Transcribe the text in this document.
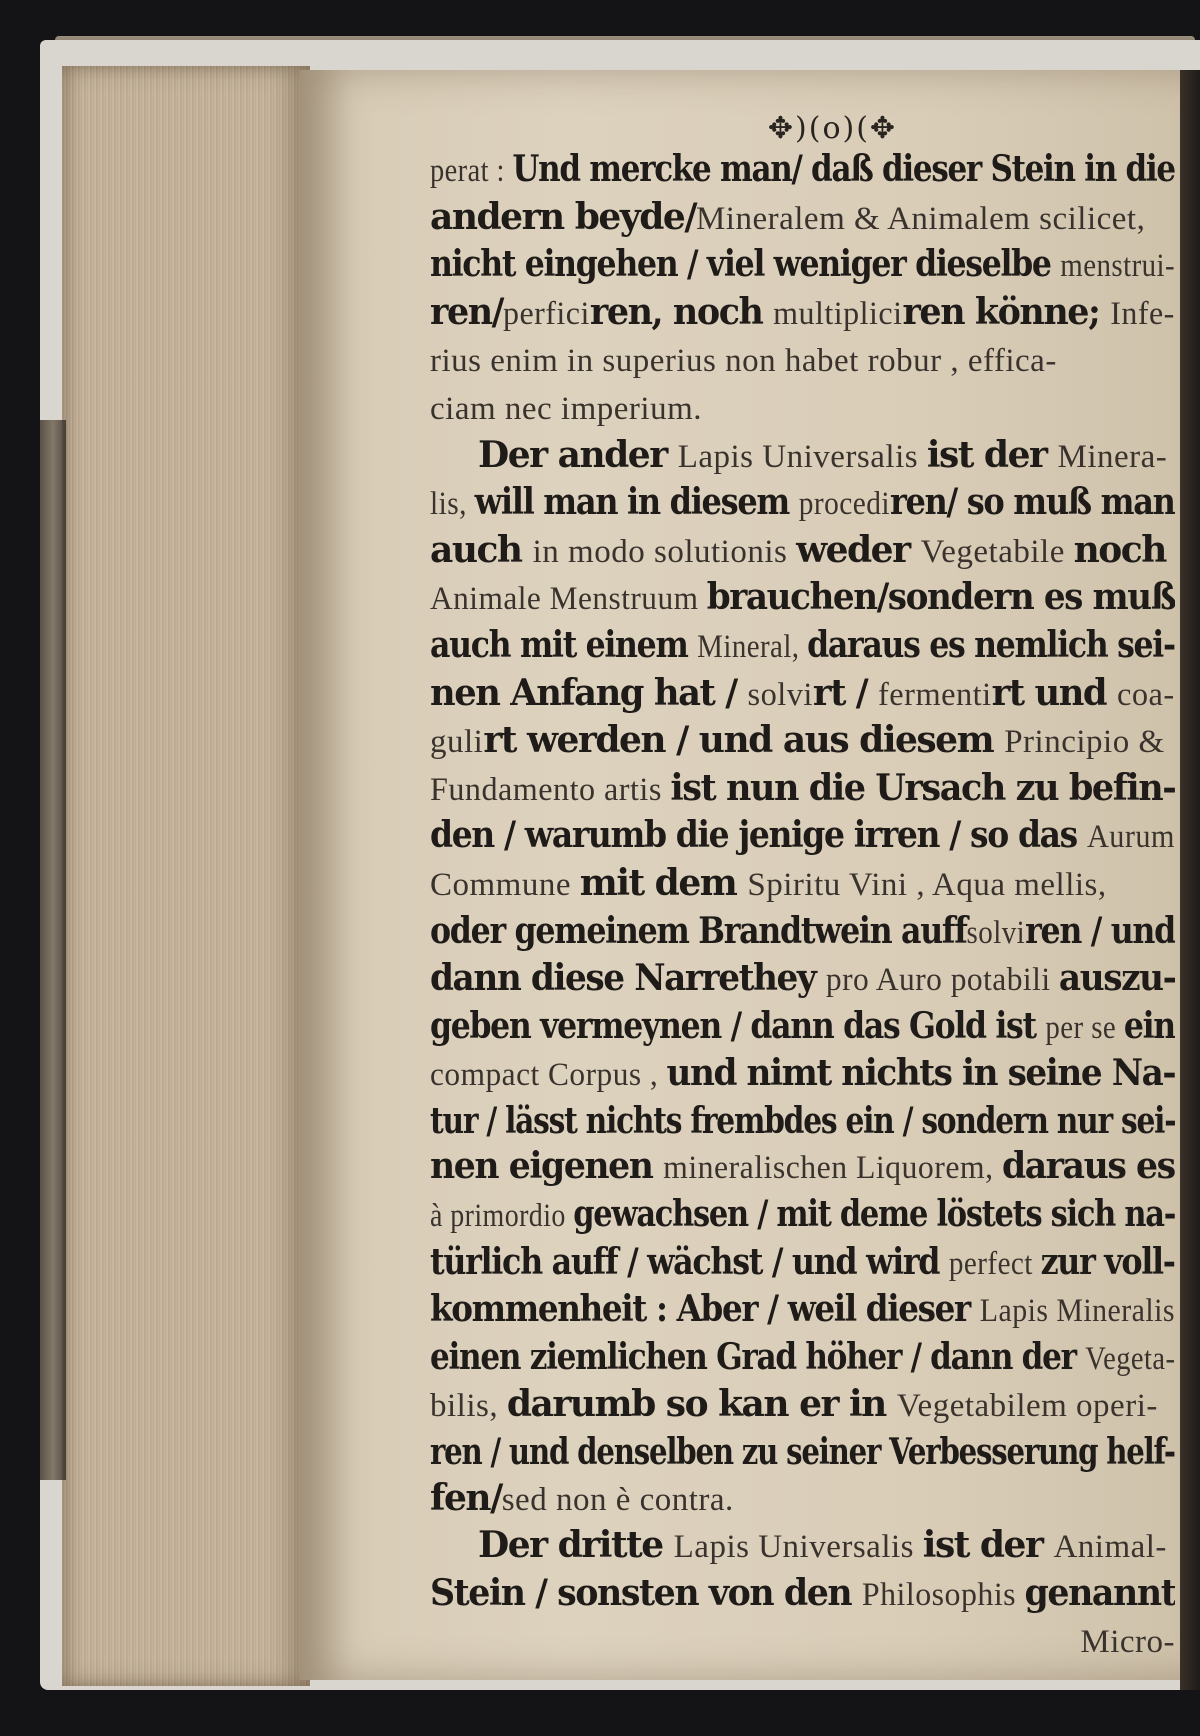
✥)(o)(✥
perat : Und mercke man/ daß dieser Stein in die
andern beyde/Mineralem & Animalem scilicet,
nicht eingehen / viel weniger dieselbe menstrui-
ren/perficiren, noch multipliciren könne; Infe-
rius enim in superius non habet robur , effica-
ciam nec imperium.
Der ander Lapis Universalis ist der Minera-
lis, will man in diesem procediren/ so muß man
auch in modo solutionis weder Vegetabile noch
Animale Menstruum brauchen/sondern es muß
auch mit einem Mineral, daraus es nemlich sei-
nen Anfang hat / solvirt / fermentirt und coa-
gulirt werden / und aus diesem Principio &
Fundamento artis ist nun die Ursach zu befin-
den / warumb die jenige irren / so das Aurum
Commune mit dem Spiritu Vini , Aqua mellis,
oder gemeinem Brandtwein auffsolviren / und
dann diese Narrethey pro Auro potabili auszu-
geben vermeynen / dann das Gold ist per se ein
compact Corpus , und nimt nichts in seine Na-
tur / lässt nichts frembdes ein / sondern nur sei-
nen eigenen mineralischen Liquorem, daraus es
à primordio gewachsen / mit deme löstets sich na-
türlich auff / wächst / und wird perfect zur voll-
kommenheit : Aber / weil dieser Lapis Mineralis
einen ziemlichen Grad höher / dann der Vegeta-
bilis, darumb so kan er in Vegetabilem operi-
ren / und denselben zu seiner Verbesserung helf-
fen/sed non è contra.
Der dritte Lapis Universalis ist der Animal-
Stein / sonsten von den Philosophis genannt
Micro-
